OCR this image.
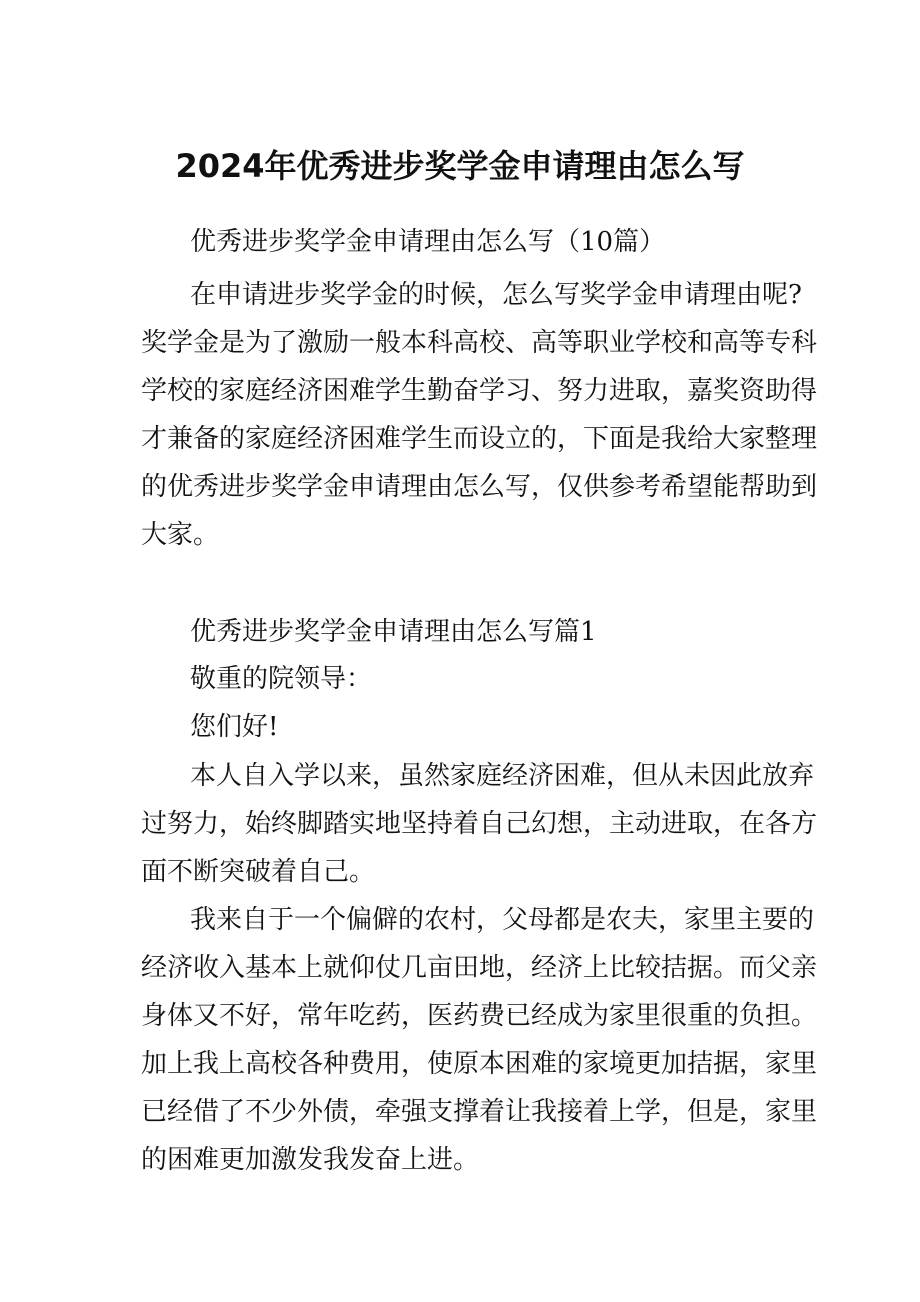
2024年优秀进步奖学金申请理由怎么写

优秀进步奖学金申请理由怎么写（10篇）

在申请进步奖学金的时候，怎么写奖学金申请理由呢?

奖学金是为了激励一般本科高校、高等职业学校和高等专科

学校的家庭经济困难学生勤奋学习、努力进取，嘉奖资助得

才兼备的家庭经济困难学生而设立的，下面是我给大家整理

的优秀进步奖学金申请理由怎么写，仅供参考希望能帮助到

大家。

优秀进步奖学金申请理由怎么写篇1

敬重的院领导：

您们好!

本人自入学以来，虽然家庭经济困难，但从未因此放弃

过努力，始终脚踏实地坚持着自己幻想，主动进取，在各方

面不断突破着自己。

我来自于一个偏僻的农村，父母都是农夫，家里主要的

经济收入基本上就仰仗几亩田地，经济上比较拮据。而父亲

身体又不好，常年吃药，医药费已经成为家里很重的负担。

加上我上高校各种费用，使原本困难的家境更加拮据，家里

已经借了不少外债，牵强支撑着让我接着上学，但是，家里

的困难更加激发我发奋上进。
